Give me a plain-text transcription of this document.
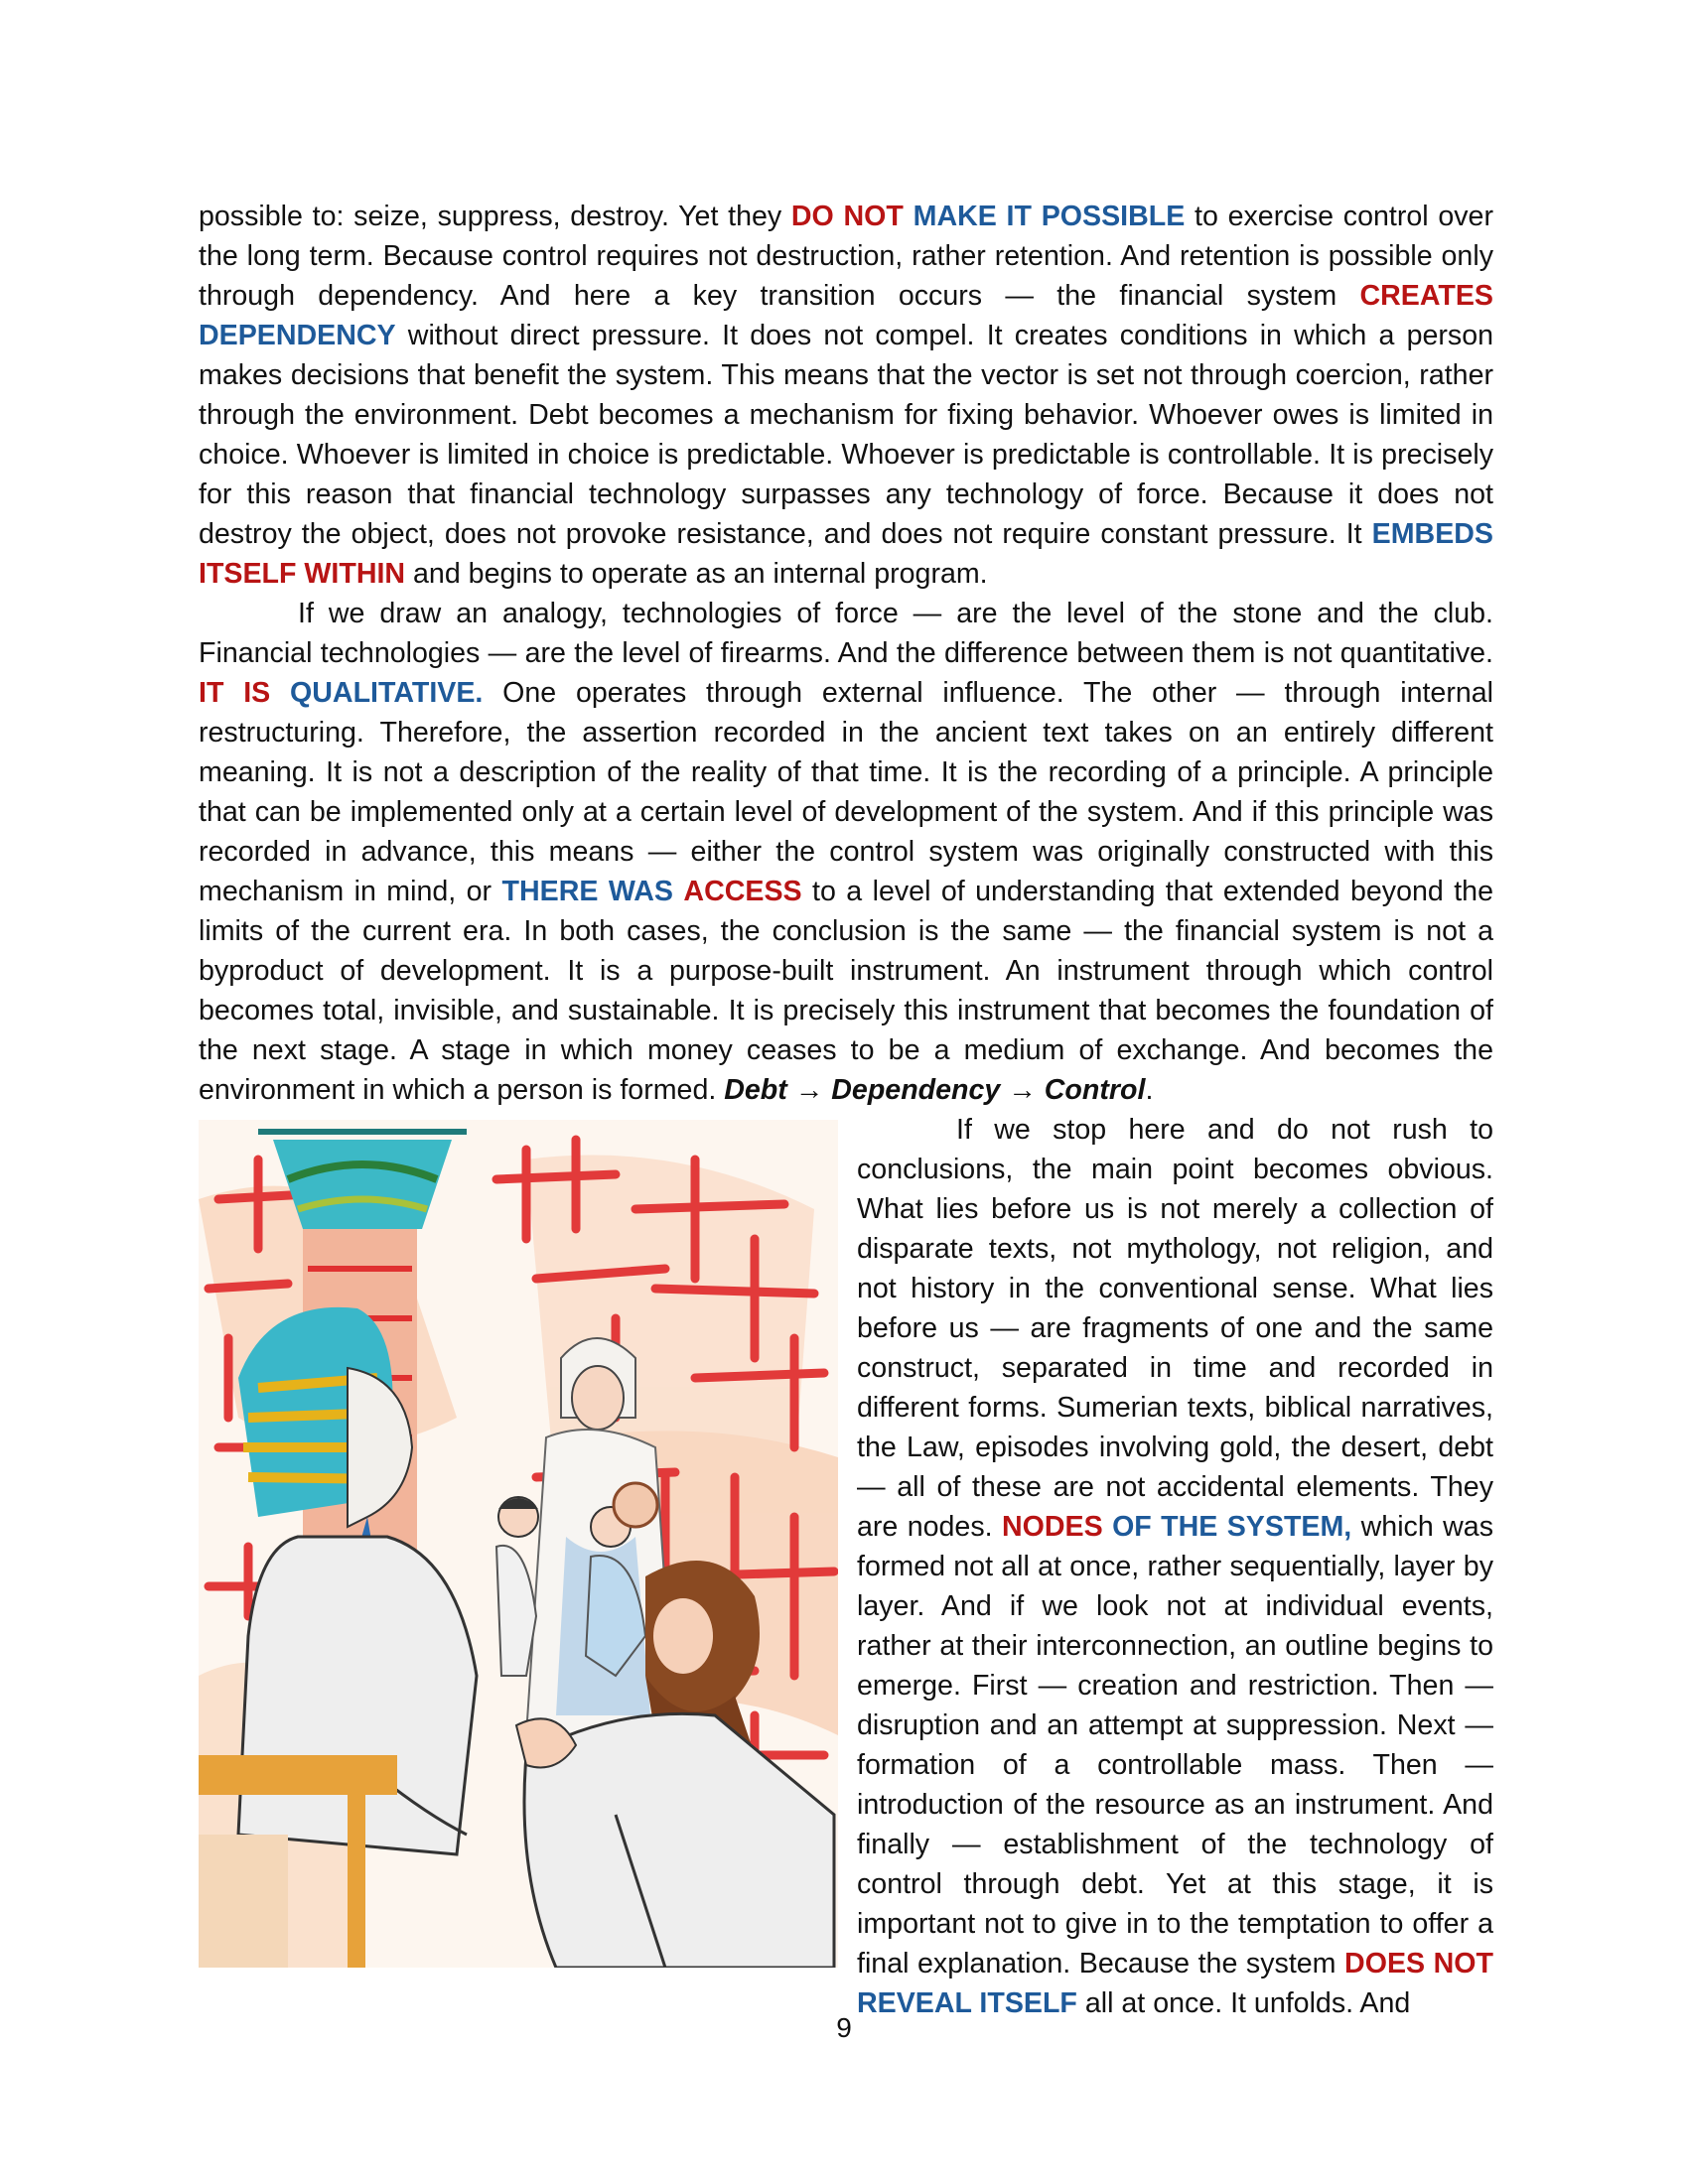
possible to: seize, suppress, destroy. Yet they DO NOT MAKE IT POSSIBLE to exercise control over the long term. Because control requires not destruction, rather retention. And retention is possible only through dependency. And here a key transition occurs — the financial system CREATES DEPENDENCY without direct pressure. It does not compel. It creates conditions in which a person makes decisions that benefit the system. This means that the vector is set not through coercion, rather through the environment. Debt becomes a mechanism for fixing behavior. Whoever owes is limited in choice. Whoever is limited in choice is predictable. Whoever is predictable is controllable. It is precisely for this reason that financial technology surpasses any technology of force. Because it does not destroy the object, does not provoke resistance, and does not require constant pressure. It EMBEDS ITSELF WITHIN and begins to operate as an internal program.

If we draw an analogy, technologies of force — are the level of the stone and the club. Financial technologies — are the level of firearms. And the difference between them is not quantitative. IT IS QUALITATIVE. One operates through external influence. The other — through internal restructuring. Therefore, the assertion recorded in the ancient text takes on an entirely different meaning. It is not a description of the reality of that time. It is the recording of a principle. A principle that can be implemented only at a certain level of development of the system. And if this principle was recorded in advance, this means — either the control system was originally constructed with this mechanism in mind, or THERE WAS ACCESS to a level of understanding that extended beyond the limits of the current era. In both cases, the conclusion is the same — the financial system is not a byproduct of development. It is a purpose-built instrument. An instrument through which control becomes total, invisible, and sustainable. It is precisely this instrument that becomes the foundation of the next stage. A stage in which money ceases to be a medium of exchange. And becomes the environment in which a person is formed. Debt → Dependency → Control.

If we stop here and do not rush to conclusions, the main point becomes obvious. What lies before us is not merely a collection of disparate texts, not mythology, not religion, and not history in the conventional sense. What lies before us — are fragments of one and the same construct, separated in time and recorded in different forms. Sumerian texts, biblical narratives, the Law, episodes involving gold, the desert, debt — all of these are not accidental elements. They are nodes. NODES OF THE SYSTEM, which was formed not all at once, rather sequentially, layer by layer. And if we look not at individual events, rather at their interconnection, an outline begins to emerge. First — creation and restriction. Then — disruption and an attempt at suppression. Next — formation of a controllable mass. Then — introduction of the resource as an instrument. And finally — establishment of the technology of control through debt. Yet at this stage, it is important not to give in to the temptation to offer a final explanation. Because the system DOES NOT REVEAL ITSELF all at once. It unfolds. And

9
